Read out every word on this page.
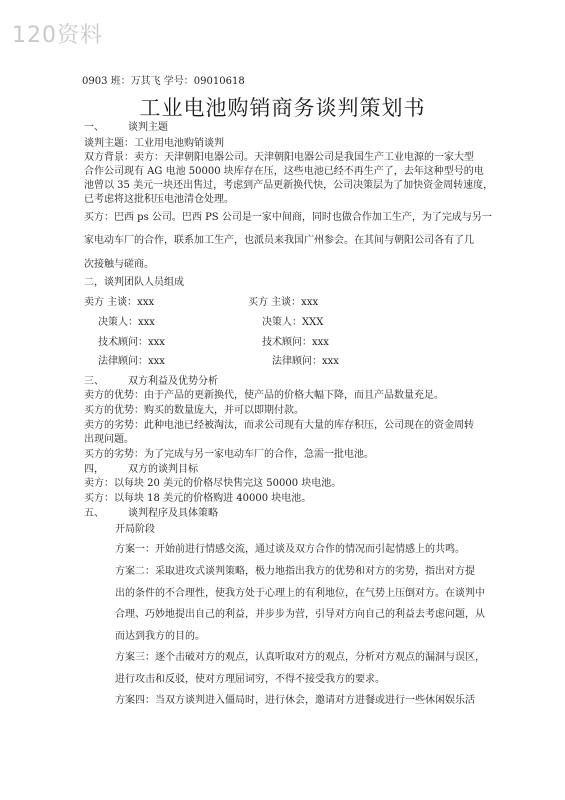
120资料
0903 班：万其飞 学号：09010618
工业电池购销商务谈判策划书
一、 谈判主题
谈判主题：工业用电池购销谈判
双方背景：卖方：天津朝阳电器公司。天津朝阳电器公司是我国生产工业电源的一家大型
合作公司现有 AG 电池 50000 块库存在压，这些电池已经不再生产了，去年这种型号的电
池曾以 35 美元一块还出售过，考虑到产品更新换代快，公司决策层为了加快资金周转速度，
已考虑将这批积压电池清仓处理。
买方：巴西 ps 公司。巴西 PS 公司是一家中间商，同时也做合作加工生产，为了完成与另一
家电动车厂的合作，联系加工生产，也派员来我国广州参会。在其间与朝阳公司各有了几
次接触与磋商。
二，谈判团队人员组成
卖方 主谈：xxx	买方 主谈：xxx
决策人：xxx	决策人：XXX
技术顾问：xxx	技术顾问：xxx
法律顾问：xxx	法律顾问：xxx
三、 双方利益及优势分析
卖方的优势：由于产品的更新换代，使产品的价格大幅下降，而且产品数量充足。
买方的优势：购买的数量庞大，并可以即期付款。
卖方的劣势：此种电池已经被淘汰，而求公司现有大量的库存积压，公司现在的资金周转
出现问题。
买方的劣势：为了完成与另一家电动车厂的合作，急需一批电池。
四， 双方的谈判目标
卖方：以每块 20 美元的价格尽快售完这 50000 块电池。
买方：以每块 18 美元的价格购进 40000 块电池。
五、 谈判程序及具体策略
开局阶段
方案一：开始前进行情感交流，通过谈及双方合作的情况而引起情感上的共鸣。
方案二：采取进攻式谈判策略，极力地指出我方的优势和对方的劣势，指出对方提
出的条件的不合理性，使我方处于心理上的有利地位，在气势上压倒对方。在谈判中
合理、巧妙地提出自己的利益，并步步为营，引导对方向自己的利益去考虑问题，从
而达到我方的目的。
方案三：逐个击破对方的观点，认真听取对方的观点，分析对方观点的漏洞与误区，
进行攻击和反驳，使对方理屈词穷，不得不接受我方的要求。
方案四：当双方谈判进入僵局时，进行休会，邀请对方进餐或进行一些休闲娱乐活
